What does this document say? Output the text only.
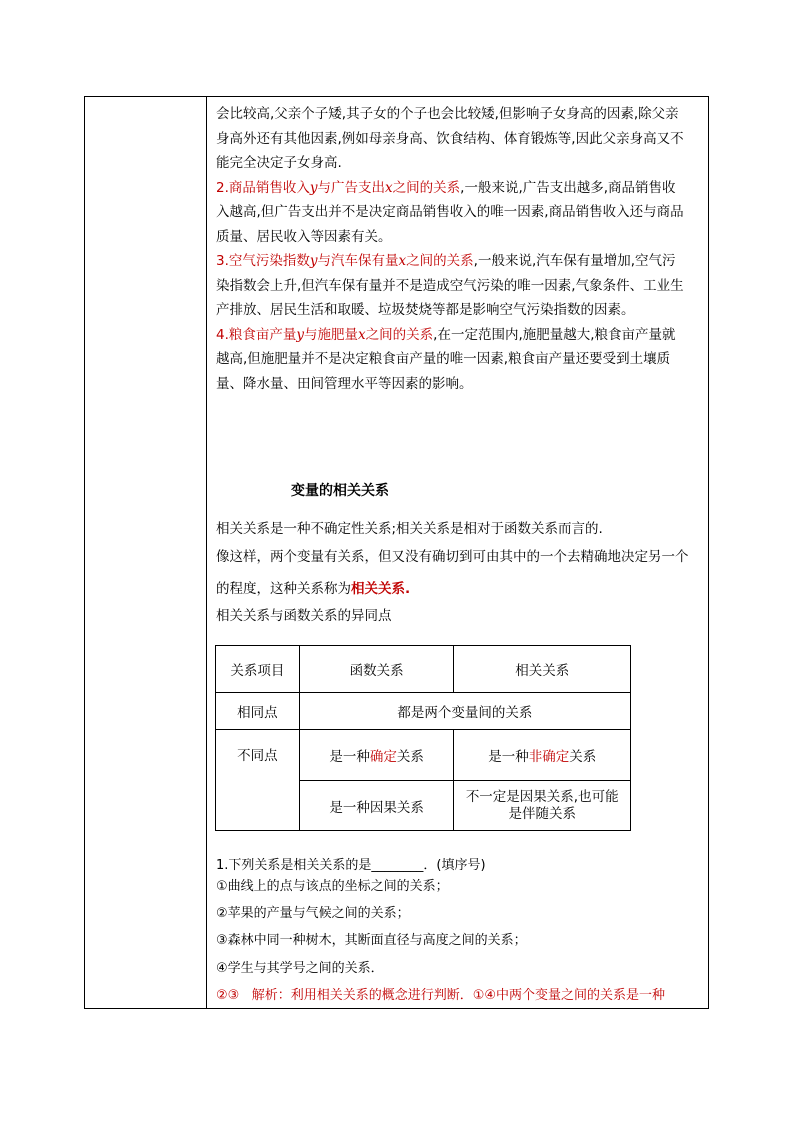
会比较高,父亲个子矮,其子女的个子也会比较矮,但影响子女身高的因素,除父亲

身高外还有其他因素,例如母亲身高、饮食结构、体育锻炼等,因此父亲身高又不

能完全决定子女身高.

2.商品销售收入y与广告支出x之间的关系,一般来说,广告支出越多,商品销售收

入越高,但广告支出并不是决定商品销售收入的唯一因素,商品销售收入还与商品

质量、居民收入等因素有关。

3.空气污染指数y与汽车保有量x之间的关系,一般来说,汽车保有量增加,空气污

染指数会上升,但汽车保有量并不是造成空气污染的唯一因素,气象条件、工业生

产排放、居民生活和取暖、垃圾焚烧等都是影响空气污染指数的因素。

4.粮食亩产量y与施肥量x之间的关系,在一定范围内,施肥量越大,粮食亩产量就

越高,但施肥量并不是决定粮食亩产量的唯一因素,粮食亩产量还要受到土壤质

量、降水量、田间管理水平等因素的影响。

变量的相关关系

相关关系是一种不确定性关系;相关关系是相对于函数关系而言的.

像这样，两个变量有关系，但又没有确切到可由其中的一个去精确地决定另一个

的程度，这种关系称为相关关系.

相关关系与函数关系的异同点

关系项目	函数关系	相关关系
相同点	都是两个变量间的关系	
不同点	是一种确定关系	是一种非确定关系
	是一种因果关系	不一定是因果关系,也可能
是伴随关系

1.下列关系是相关关系的是________．(填序号)

①曲线上的点与该点的坐标之间的关系；

②苹果的产量与气候之间的关系；

③森林中同一种树木，其断面直径与高度之间的关系；

④学生与其学号之间的关系．

②③ 解析：利用相关关系的概念进行判断．①④中两个变量之间的关系是一种
